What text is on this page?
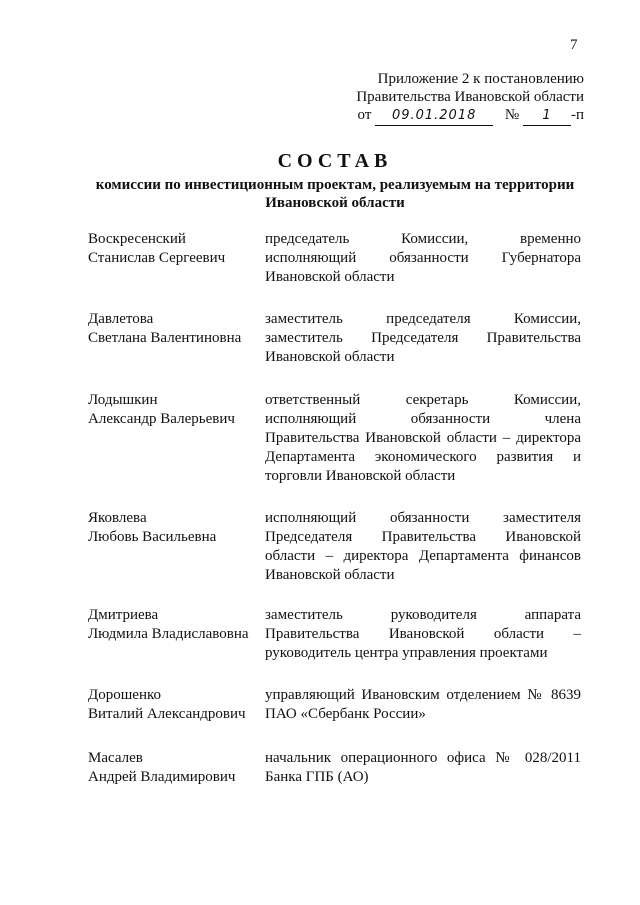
7
Приложение 2 к постановлению
Правительства Ивановской области
от 09.01.2018 № 1 -п
СОСТАВ
комиссии по инвестиционным проектам, реализуемым на территории
Ивановской области
Воскресенский
Станислав Сергеевич
председатель Комиссии, временно
исполняющий обязанности Губернатора
Ивановской области
Давлетова
Светлана Валентиновна
заместитель председателя Комиссии,
заместитель Председателя Правительства
Ивановской области
Лодышкин
Александр Валерьевич
ответственный секретарь Комиссии,
исполняющий обязанности члена
Правительства Ивановской области – директора
Департамента экономического развития и
торговли Ивановской области
Яковлева
Любовь Васильевна
исполняющий обязанности заместителя
Председателя Правительства Ивановской
области – директора Департамента финансов
Ивановской области
Дмитриева
Людмила Владиславовна
заместитель руководителя аппарата
Правительства Ивановской области –
руководитель центра управления проектами
Дорошенко
Виталий Александрович
управляющий Ивановским отделением № 8639
ПАО «Сбербанк России»
Масалев
Андрей Владимирович
начальник операционного офиса № 028/2011
Банка ГПБ (АО)
